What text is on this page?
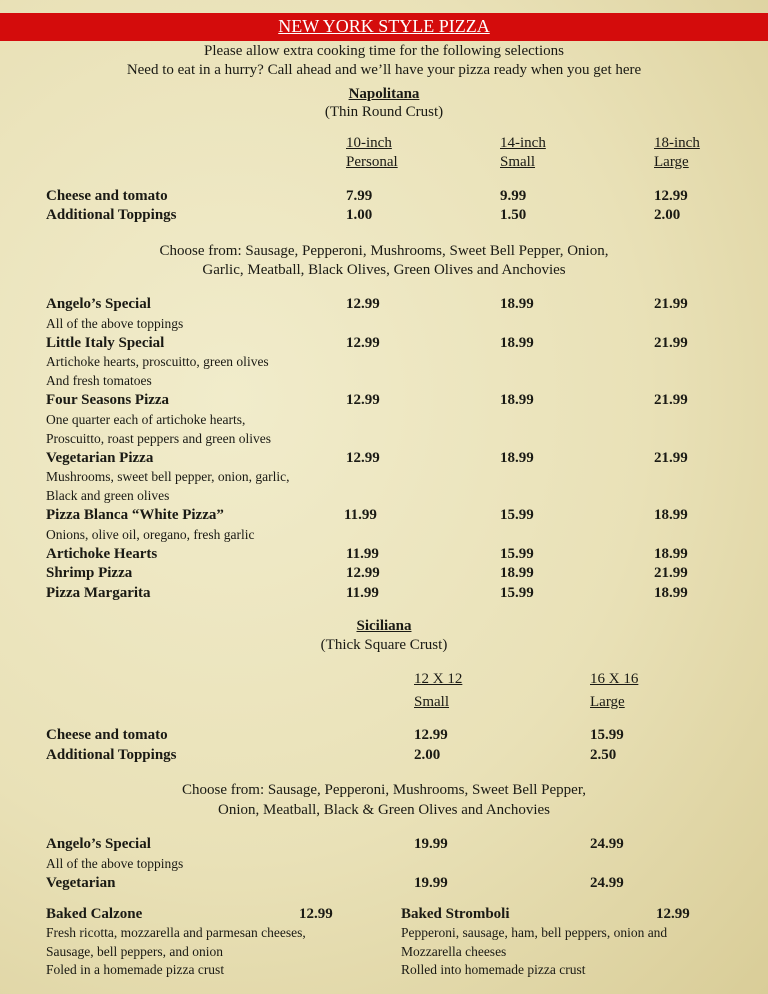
NEW YORK STYLE PIZZA
Please allow extra cooking time for the following selections
Need to eat in a hurry? Call ahead and we’ll have your pizza ready when you get here
Napolitana
(Thin Round Crust)
10-inch
Personal
14-inch
Small
18-inch
Large
Cheese and tomato	7.99	9.99	12.99
Additional Toppings	1.00	1.50	2.00
Choose from: Sausage, Pepperoni, Mushrooms, Sweet Bell Pepper, Onion,
Garlic, Meatball, Black Olives, Green Olives and Anchovies
Angelo’s Special	12.99	18.99	21.99
All of the above toppings
Little Italy Special	12.99	18.99	21.99
Artichoke hearts, proscuitto, green olives
And fresh tomatoes
Four Seasons Pizza	12.99	18.99	21.99
One quarter each of artichoke hearts,
Proscuitto, roast peppers and green olives
Vegetarian Pizza	12.99	18.99	21.99
Mushrooms, sweet bell pepper, onion, garlic,
Black and green olives
Pizza Blanca “White Pizza”	11.99	15.99	18.99
Onions, olive oil, oregano, fresh garlic
Artichoke Hearts	11.99	15.99	18.99
Shrimp Pizza	12.99	18.99	21.99
Pizza Margarita	11.99	15.99	18.99
Siciliana
(Thick Square Crust)
12 X 12
Small
16 X 16
Large
Cheese and tomato	12.99	15.99
Additional Toppings	2.00	2.50
Choose from: Sausage, Pepperoni, Mushrooms, Sweet Bell Pepper,
Onion, Meatball, Black & Green Olives and Anchovies
Angelo’s Special	19.99	24.99
All of the above toppings
Vegetarian	19.99	24.99
Baked Calzone	12.99
Fresh ricotta, mozzarella and parmesan cheeses,
Sausage, bell peppers, and onion
Foled in a homemade pizza crust
Baked Stromboli	12.99
Pepperoni, sausage, ham, bell peppers, onion and
Mozzarella cheeses
Rolled into homemade pizza crust
